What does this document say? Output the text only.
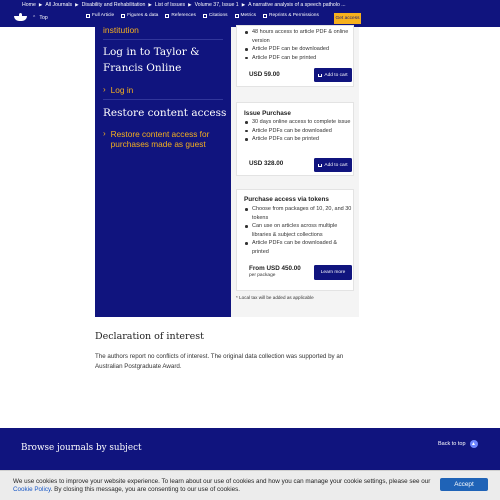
Home ▶ All Journals ▶ Disability and Rehabilitation ▶ List of Issues ▶ Volume 37, Issue 1 ▶ A narrative analysis of a speech patholo ...
⌃ Top	Full Article	Figures & data	References	Citations	Metrics	Reprints & Permissions
Get access
institution
Log in to Taylor & Francis Online
› Log in
Restore content access
› Restore content access for purchases made as guest
48 hours access to article PDF & online version
Article PDF can be downloaded
Article PDF can be printed
USD 59.00	Add to cart
Issue Purchase
30 days online access to complete issue
Article PDFs can be downloaded
Article PDFs can be printed
USD 328.00	Add to cart
Purchase access via tokens
Choose from packages of 10, 20, and 30 tokens
Can use on articles across multiple libraries & subject collections
Article PDFs can be downloaded & printed
From USD 450.00
per package
Learn more
* Local tax will be added as applicable
Declaration of interest
The authors report no conflicts of interest. The original data collection was supported by an Australian Postgraduate Award.
Browse journals by subject	Back to top	▲
We use cookies to improve your website experience. To learn about our use of cookies and how you can manage your cookie settings, please see our Cookie Policy. By closing this message, you are consenting to our use of cookies.
Accept
